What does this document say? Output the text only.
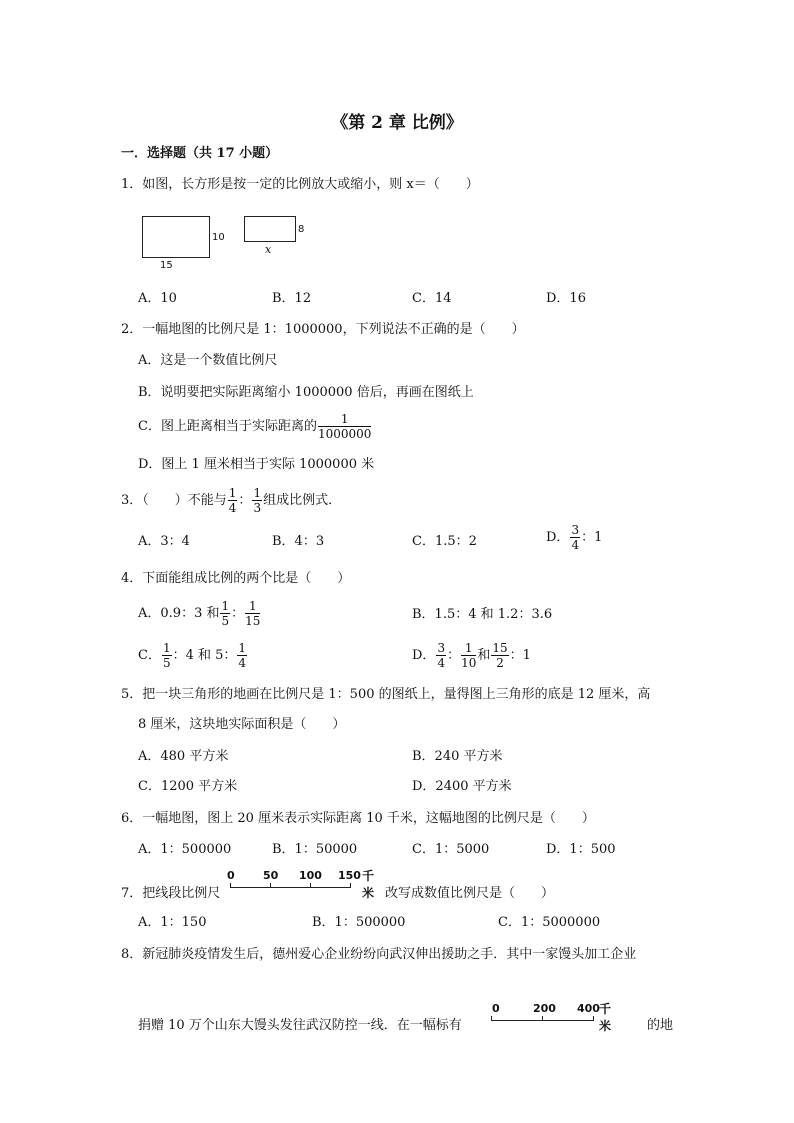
《第 2 章 比例》
一．选择题（共 17 小题）
1．如图，长方形是按一定的比例放大或缩小，则 x＝（　　）
10
15
8
x
A．10	B．12	C．14	D．16
2．一幅地图的比例尺是 1：1000000，下列说法不正确的是（　　）
A．这是一个数值比例尺
B．说明要把实际距离缩小 1000000 倍后，再画在图纸上
C．图上距离相当于实际距离的 $\frac{1}{1000000}$
D．图上 1 厘米相当于实际 1000000 米
3．（　　）不能与 $\frac{1}{4}$ ： $\frac{1}{3}$ 组成比例式．
A．3：4	B．4：3	C．1.5：2	D． $\frac{3}{4}$ ：1
4．下面能组成比例的两个比是（　　）
A．0.9：3 和 $\frac{1}{5}$ ： $\frac{1}{15}$	B．1.5：4 和 1.2：3.6
C． $\frac{1}{5}$ ：4 和 5： $\frac{1}{4}$	D． $\frac{3}{4}$ ： $\frac{1}{10}$ 和 $\frac{15}{2}$ ：1
5．把一块三角形的地画在比例尺是 1：500 的图纸上，量得图上三角形的底是 12 厘米，高
8 厘米，这块地实际面积是（　　）
A．480 平方米	B．240 平方米
C．1200 平方米	D．2400 平方米
6．一幅地图，图上 20 厘米表示实际距离 10 千米，这幅地图的比例尺是（　　）
A．1：500000	B．1：50000	C．1：5000	D．1：500
7．把线段比例尺
0	50 100 150 千米 改写成数值比例尺是（　　）
A．1：150	B．1：500000	C．1：5000000
8．新冠肺炎疫情发生后，德州爱心企业纷纷向武汉伸出援助之手．其中一家馒头加工企业
捐赠 10 万个山东大馒头发往武汉防控一线．在一幅标有
0	200 400 千米	的地
